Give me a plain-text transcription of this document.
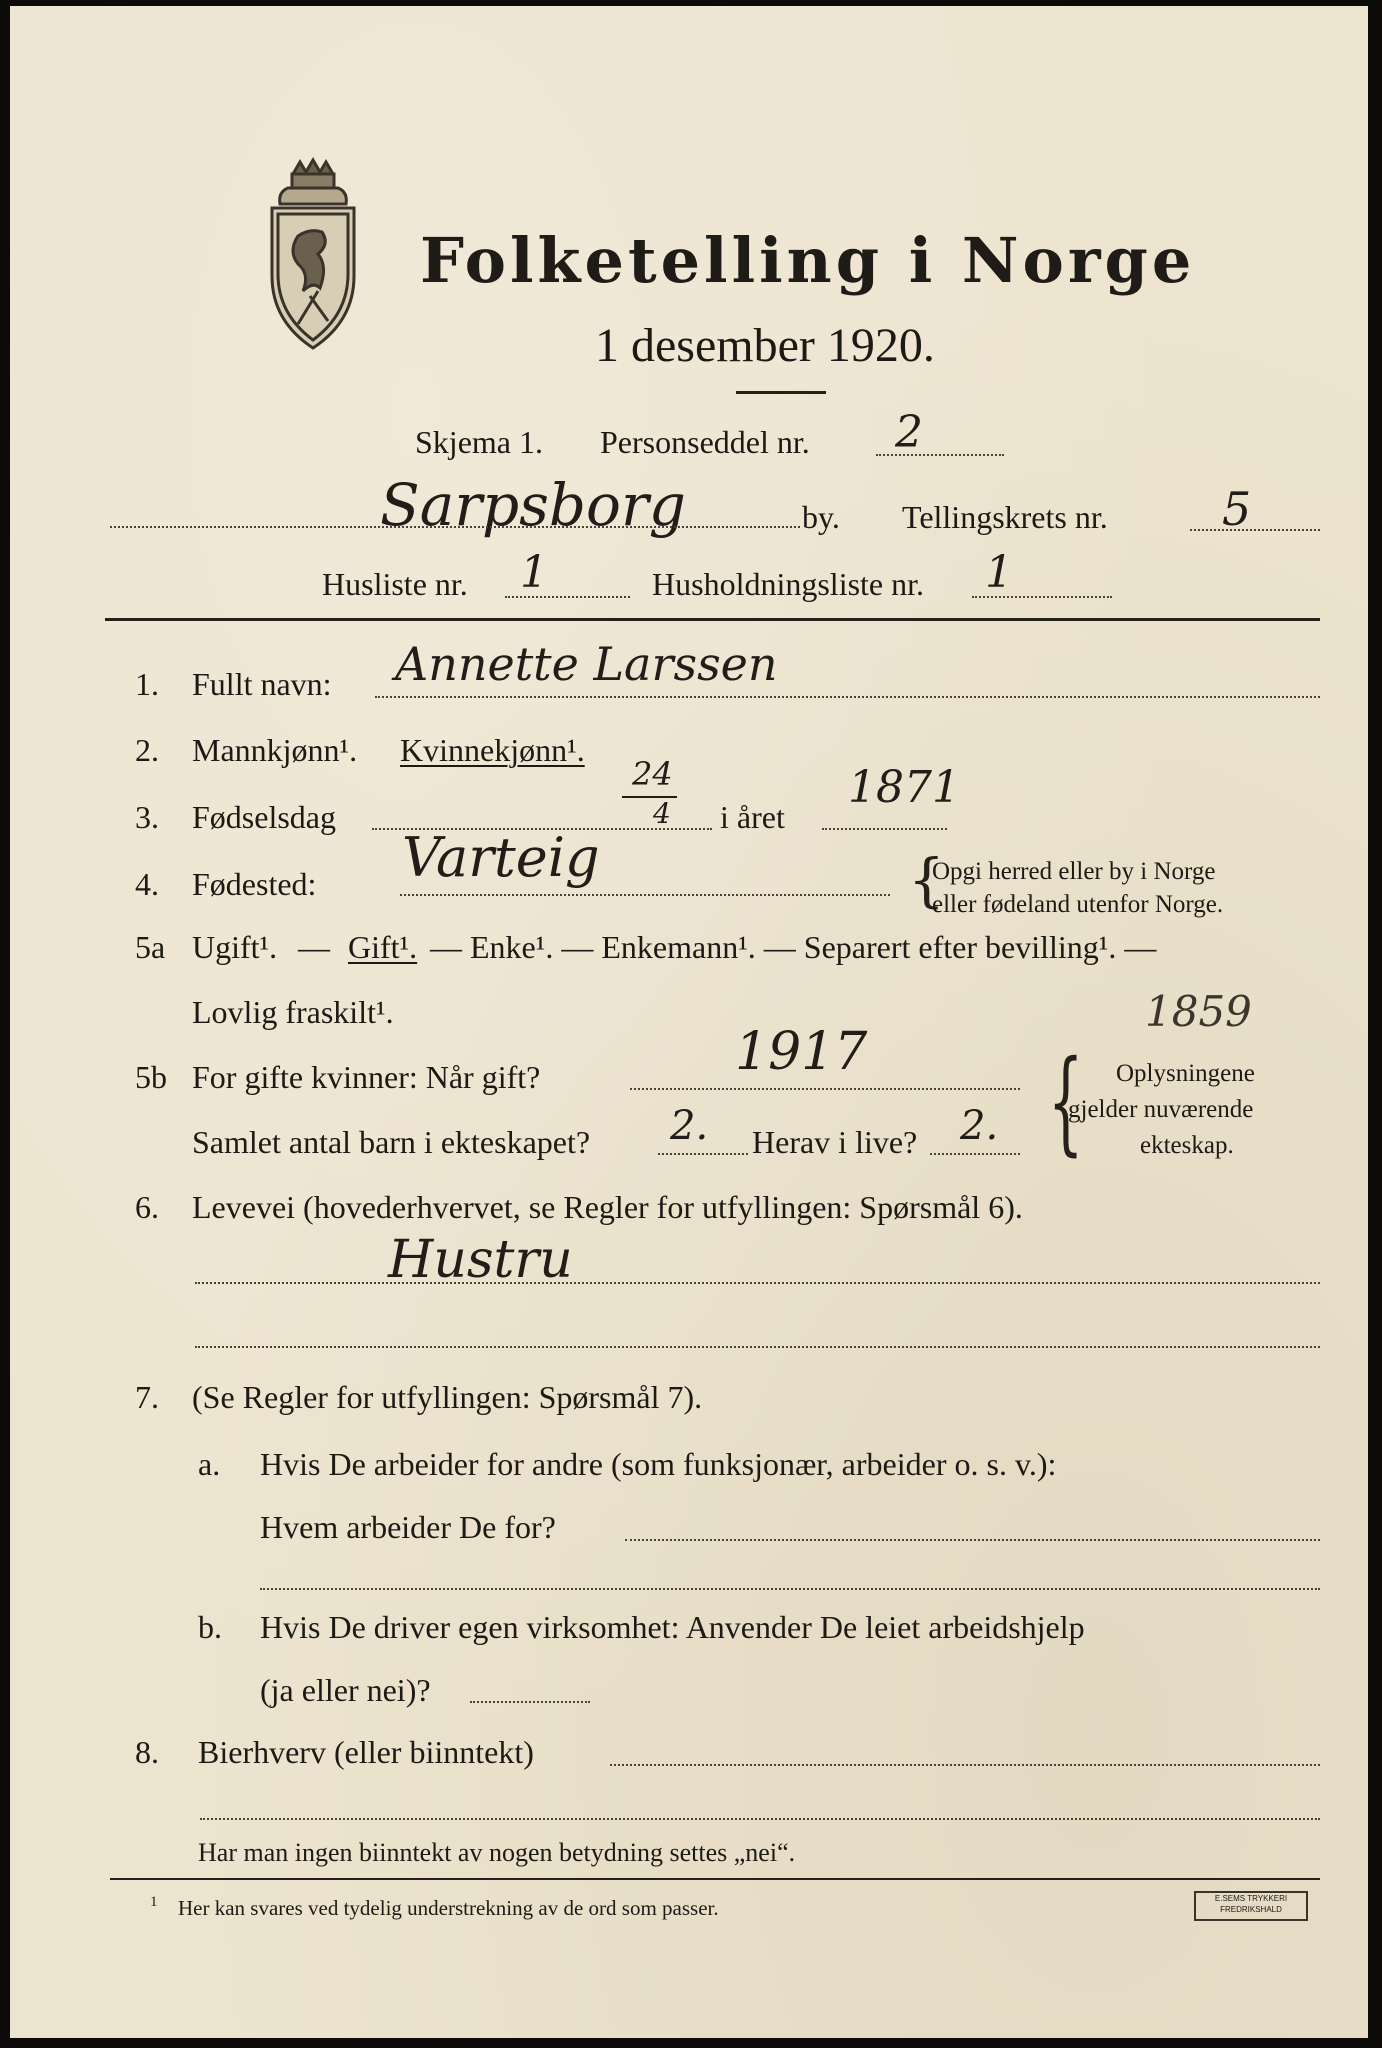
Folketelling i Norge
1 desember 1920.
Skjema 1. Personseddel nr. 2
Sarpsborg	by. Tellingskrets nr. 5
Husliste nr. 1	Husholdningsliste nr. 1
1. Fullt navn: Annette Larssen
2. Mannkjønn¹. Kvinnekjønn¹.
3. Fødselsdag
24
4 i året
1871
4. Fødested: Varteig	{
Opgi herred eller by i Norge
eller fødeland utenfor Norge.
5a Ugift¹. — Gift¹. — Enke¹. — Enkemann¹. — Separert efter bevilling¹. —
Lovlig fraskilt¹.	1859
5b For gifte kvinner: Når gift?	1917
Samlet antal barn i ekteskapet? 2. Herav i live? 2. { Oplysningene
gjelder nuværende
ekteskap.
6. Levevei (hovederhvervet, se Regler for utfyllingen: Spørsmål 6).
Hustru
7. (Se Regler for utfyllingen: Spørsmål 7).
a. Hvis De arbeider for andre (som funksjonær, arbeider o. s. v.):
Hvem arbeider De for?
b. Hvis De driver egen virksomhet: Anvender De leiet arbeidshjelp
(ja eller nei)?
8. Bierhverv (eller biinntekt)
Har man ingen biinntekt av nogen betydning settes „nei“.
1 Her kan svares ved tydelig understrekning av de ord som passer.	E.SEMS TRYKKERI FREDRIKSHALD
